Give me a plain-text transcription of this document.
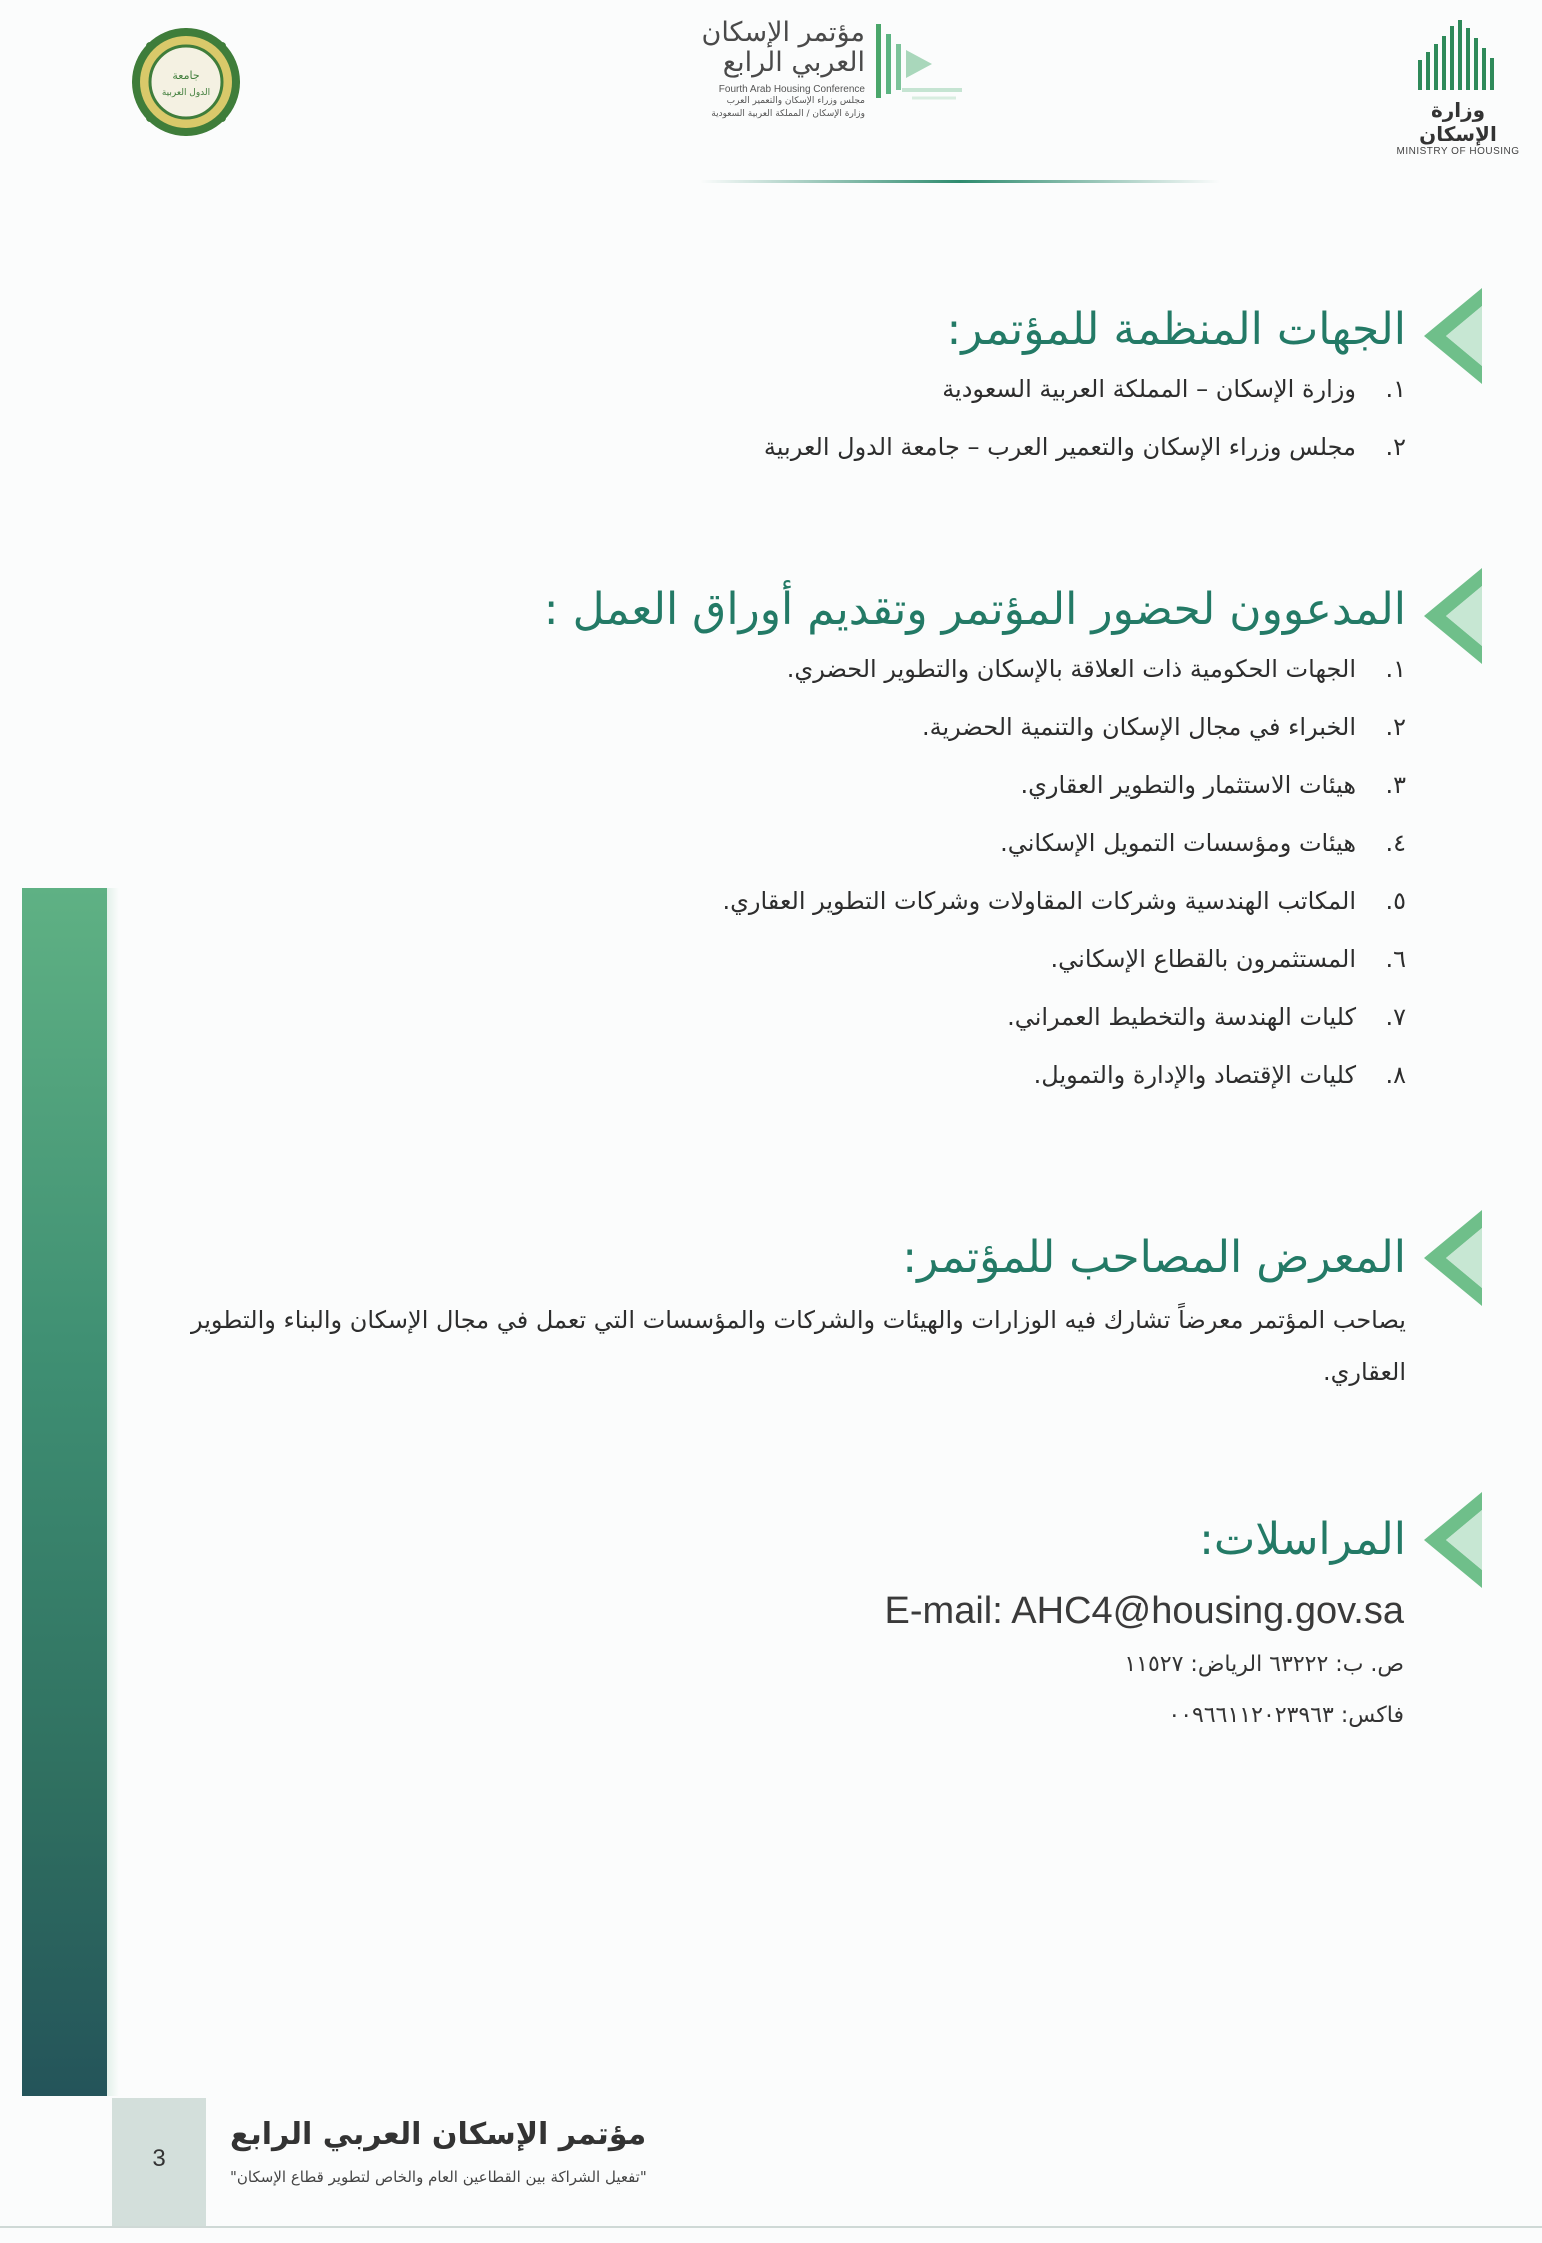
جامعة
الدول العربية
مؤتمر الإسكان
العربي الرابع
Fourth Arab Housing Conference
مجلس وزراء الإسكان والتعمير العرب
وزارة الإسكان / المملكة العربية السعودية	وزارة الإسكان
MINISTRY OF HOUSING
الجهات المنظمة للمؤتمر:
١.وزارة الإسكان – المملكة العربية السعودية
٢.مجلس وزراء الإسكان والتعمير العرب – جامعة الدول العربية
المدعوون لحضور المؤتمر وتقديم أوراق العمل :
١.الجهات الحكومية ذات العلاقة بالإسكان والتطوير الحضري.
٢.الخبراء في مجال الإسكان والتنمية الحضرية.
٣.هيئات الاستثمار والتطوير العقاري.
٤.هيئات ومؤسسات التمويل الإسكاني.
٥.المكاتب الهندسية وشركات المقاولات وشركات التطوير العقاري.
٦.المستثمرون بالقطاع الإسكاني.
٧.كليات الهندسة والتخطيط العمراني.
٨.كليات الإقتصاد والإدارة والتمويل.
المعرض المصاحب للمؤتمر:
يصاحب المؤتمر معرضاً تشارك فيه الوزارات والهيئات والشركات والمؤسسات التي تعمل في مجال الإسكان والبناء والتطوير العقاري.
المراسلات:
E-mail: AHC4@housing.gov.sa
ص. ب: ٦٣٢٢٢ الرياض: ١١٥٢٧
فاكس: ٠٠٩٦٦١١٢٠٢٣٩٦٣
3
مؤتمر الإسكان العربي الرابع
"تفعيل الشراكة بين القطاعين العام والخاص لتطوير قطاع الإسكان"
